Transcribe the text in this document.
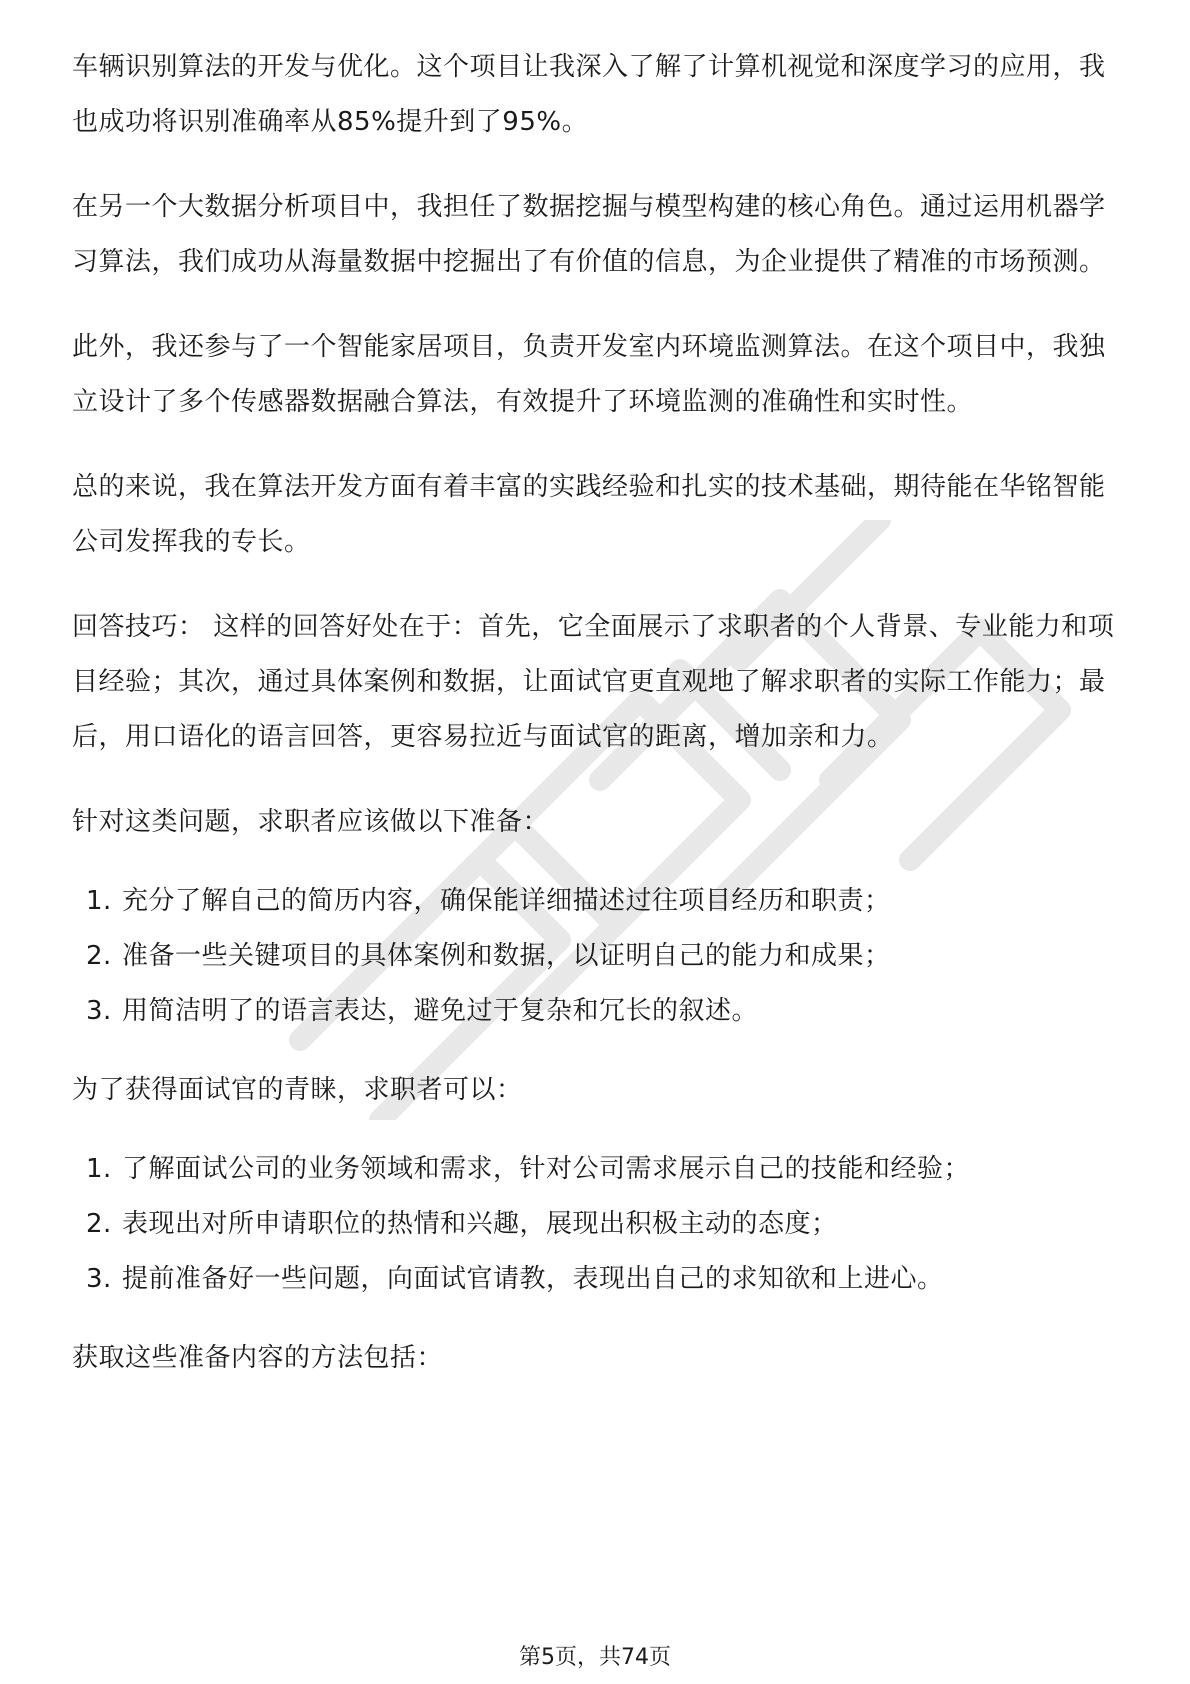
车辆识别算法的开发与优化。这个项目让我深入了解了计算机视觉和深度学习的应用，我也成功将识别准确率从85%提升到了95%。

在另一个大数据分析项目中，我担任了数据挖掘与模型构建的核心角色。通过运用机器学习算法，我们成功从海量数据中挖掘出了有价值的信息，为企业提供了精准的市场预测。

此外，我还参与了一个智能家居项目，负责开发室内环境监测算法。在这个项目中，我独立设计了多个传感器数据融合算法，有效提升了环境监测的准确性和实时性。

总的来说，我在算法开发方面有着丰富的实践经验和扎实的技术基础，期待能在华铭智能公司发挥我的专长。

回答技巧： 这样的回答好处在于：首先，它全面展示了求职者的个人背景、专业能力和项目经验；其次，通过具体案例和数据，让面试官更直观地了解求职者的实际工作能力；最后，用口语化的语言回答，更容易拉近与面试官的距离，增加亲和力。

针对这类问题，求职者应该做以下准备：

1. 充分了解自己的简历内容，确保能详细描述过往项目经历和职责；
2. 准备一些关键项目的具体案例和数据，以证明自己的能力和成果；
3. 用简洁明了的语言表达，避免过于复杂和冗长的叙述。

为了获得面试官的青睐，求职者可以：

1. 了解面试公司的业务领域和需求，针对公司需求展示自己的技能和经验；
2. 表现出对所申请职位的热情和兴趣，展现出积极主动的态度；
3. 提前准备好一些问题，向面试官请教，表现出自己的求知欲和上进心。

获取这些准备内容的方法包括：

第5页，共74页
